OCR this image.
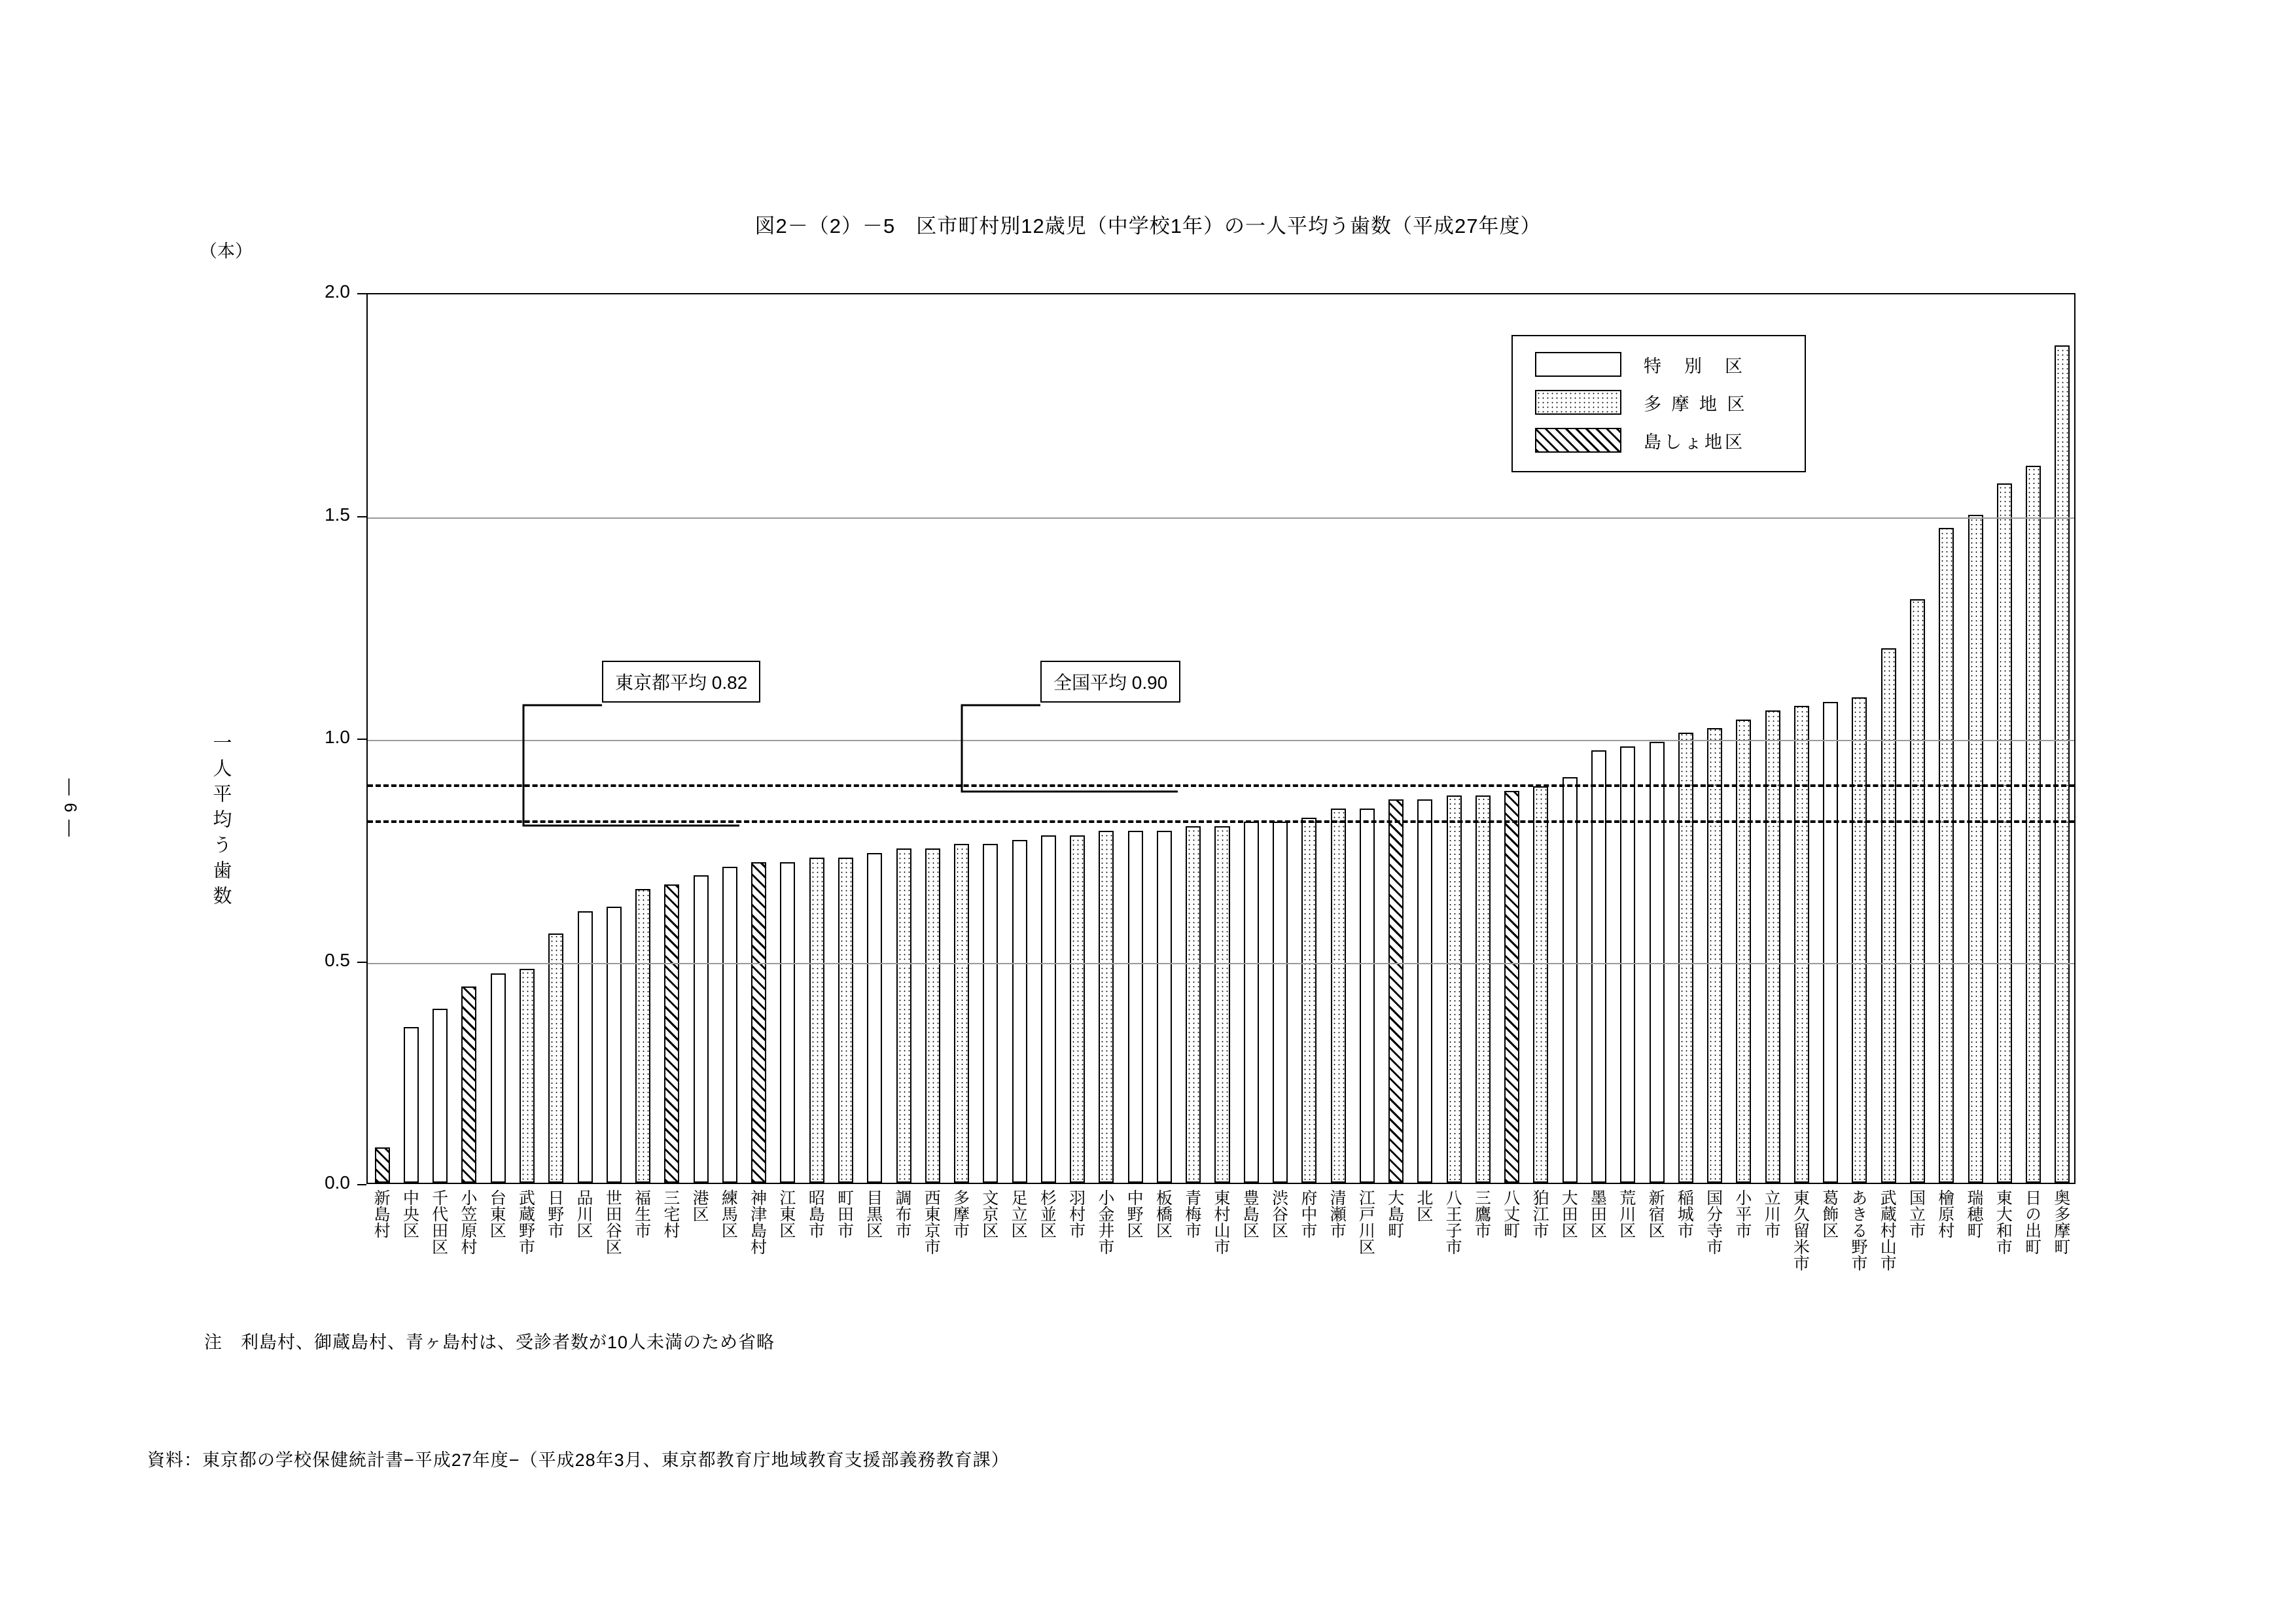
— 6 —
図2－（2）－5　区市町村別12歳児（中学校1年）の一人平均う歯数（平成27年度）
（本）
一人平均う歯数
0.0
0.5
1.0
1.5
2.0
新島村 中央区 千代田区 小笠原村 台東区 武蔵野市 日野市 品川区 世田谷区 福生市 三宅村 港区 練馬区 神津島村 江東区 昭島市 町田市 目黒区 調布市 西東京市 多摩市 文京区 足立区 杉並区 羽村市 小金井市 中野区 板橋区 青梅市 東村山市 豊島区 渋谷区 府中市 清瀬市 江戸川区 大島町 北区 八王子市 三鷹市 八丈町 狛江市 大田区 墨田区 荒川区 新宿区 稲城市 国分寺市 小平市 立川市 東久留米市 葛飾区 あきる野市 武蔵村山市 国立市 檜原村 瑞穂町 東大和市 日の出町 奥多摩町
特　別　区
多 摩 地 区
島しょ地区
東京都平均 0.82	全国平均 0.90
注　利島村、御蔵島村、青ヶ島村は、受診者数が10人未満のため省略
資料：東京都の学校保健統計書−平成27年度−（平成28年3月、東京都教育庁地域教育支援部義務教育課）
